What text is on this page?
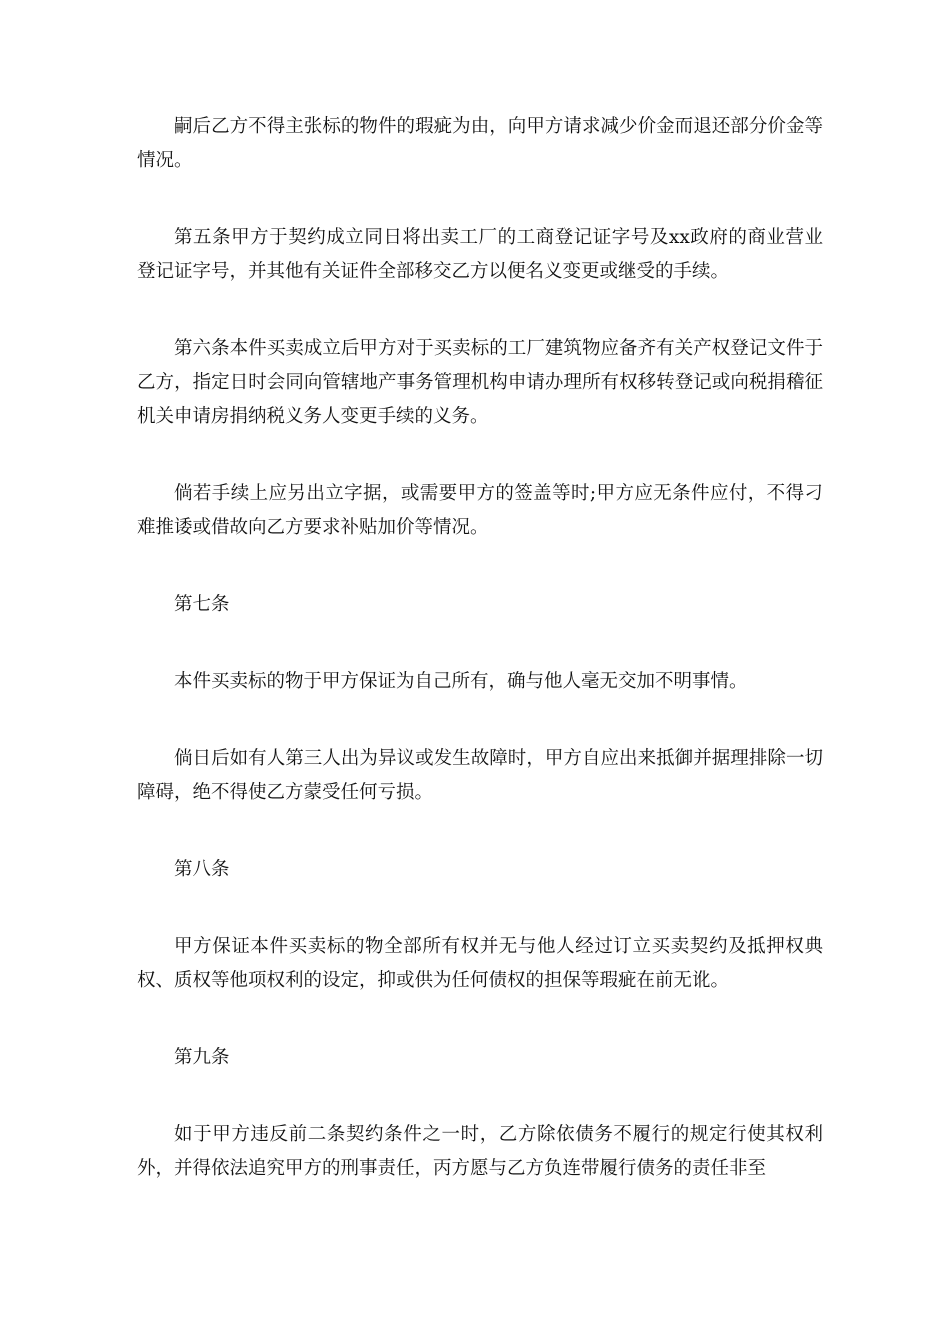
嗣后乙方不得主张标的物件的瑕疵为由，向甲方请求减少价金而退还部分价金等情况。

第五条甲方于契约成立同日将出卖工厂的工商登记证字号及xx政府的商业营业登记证字号，并其他有关证件全部移交乙方以便名义变更或继受的手续。

第六条本件买卖成立后甲方对于买卖标的工厂建筑物应备齐有关产权登记文件于乙方，指定日时会同向管辖地产事务管理机构申请办理所有权移转登记或向税捐稽征机关申请房捐纳税义务人变更手续的义务。

倘若手续上应另出立字据，或需要甲方的签盖等时;甲方应无条件应付，不得刁难推诿或借故向乙方要求补贴加价等情况。

第七条

本件买卖标的物于甲方保证为自己所有，确与他人毫无交加不明事情。

倘日后如有人第三人出为异议或发生故障时，甲方自应出来抵御并据理排除一切障碍，绝不得使乙方蒙受任何亏损。

第八条

甲方保证本件买卖标的物全部所有权并无与他人经过订立买卖契约及抵押权典权、质权等他项权利的设定，抑或供为任何债权的担保等瑕疵在前无讹。

第九条

如于甲方违反前二条契约条件之一时，乙方除依债务不履行的规定行使其权利外，并得依法追究甲方的刑事责任，丙方愿与乙方负连带履行债务的责任非至
